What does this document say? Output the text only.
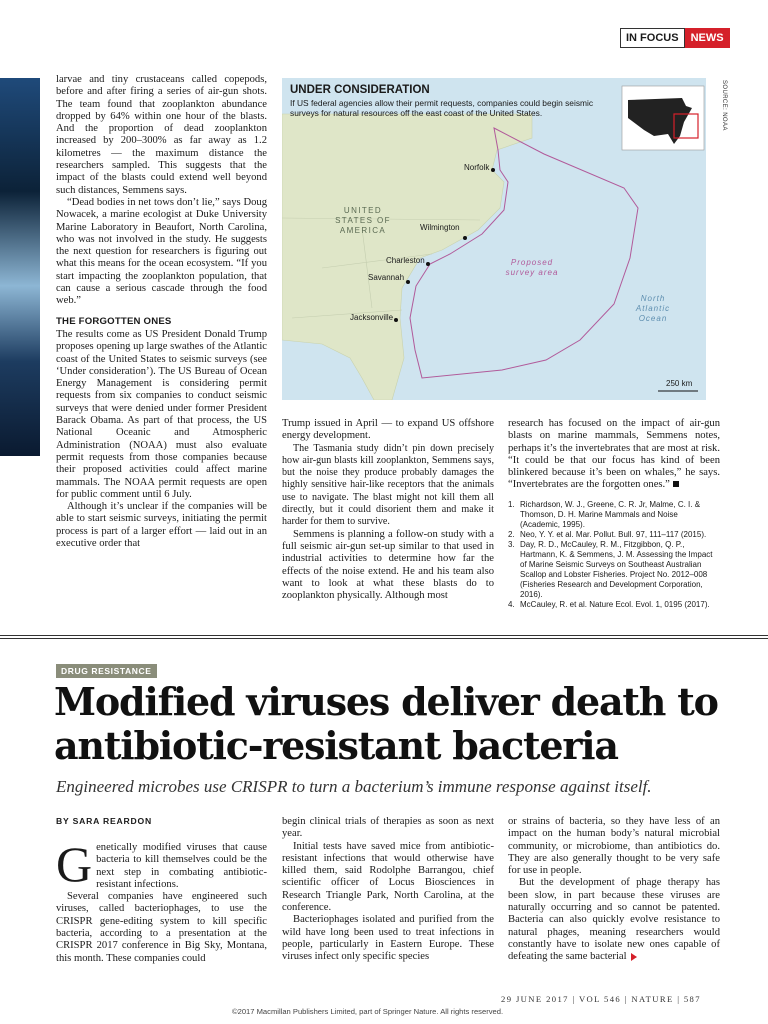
IN FOCUS NEWS

larvae and tiny crustaceans called copepods, before and after firing a series of air-gun shots. The team found that zooplankton abundance dropped by 64% within one hour of the blasts. And the proportion of dead zooplankton increased by 200–300% as far away as 1.2 kilometres — the maximum distance the researchers sampled. This suggests that the impact of the blasts could extend well beyond such distances, Semmens says.

“Dead bodies in net tows don’t lie,” says Doug Nowacek, a marine ecologist at Duke University Marine Laboratory in Beaufort, North Carolina, who was not involved in the study. He suggests the next question for researchers is figuring out what this means for the ocean ecosystem. “If you start impacting the zooplankton population, that can cause a serious cascade through the food web.”

THE FORGOTTEN ONES

The results come as US President Donald Trump proposes opening up large swathes of the Atlantic coast of the United States to seismic surveys (see ‘Under consideration’). The US Bureau of Ocean Energy Management is considering permit requests from six companies to conduct seismic surveys that were denied under former President Barack Obama. As part of that process, the US National Oceanic and Atmospheric Administration (NOAA) must also evaluate permit requests from those companies because their proposed activities could affect marine mammals. The NOAA permit requests are open for public comment until 6 July.

Although it’s unclear if the companies will be able to start seismic surveys, initiating the permit process is part of a larger effort — laid out in an executive order that

UNDER CONSIDERATION
If US federal agencies allow their permit requests, companies could begin seismic surveys for natural resources off the east coast of the United States.
Norfolk
Wilmington
Charleston
Savannah
Jacksonville
UNITED STATES OF AMERICA
Proposed survey area
North Atlantic Ocean
250 km
SOURCE: NOAA

Trump issued in April — to expand US offshore energy development.

The Tasmania study didn’t pin down precisely how air-gun blasts kill zooplankton, Semmens says, but the noise they produce probably damages the highly sensitive hair-like receptors that the animals use to navigate. The blast might not kill them all directly, but it could disorient them and make it harder for them to survive.

Semmens is planning a follow-on study with a full seismic air-gun set-up similar to that used in industrial activities to determine how far the effects of the noise extend. He and his team also want to look at what these blasts do to zooplankton physically. Although most

research has focused on the impact of air-gun blasts on marine mammals, Semmens notes, perhaps it’s the invertebrates that are most at risk. “It could be that our focus has kind of been blinkered because it’s been on whales,” he says. “Invertebrates are the forgotten ones.”
1. Richardson, W. J., Greene, C. R. Jr, Malme, C. I. & Thomson, D. H. Marine Mammals and Noise (Academic, 1995).
2. Neo, Y. Y. et al. Mar. Pollut. Bull. 97, 111–117 (2015).
3. Day, R. D., McCauley, R. M., Fitzgibbon, Q. P., Hartmann, K. & Semmens, J. M. Assessing the Impact of Marine Seismic Surveys on Southeast Australian Scallop and Lobster Fisheries. Project No. 2012–008 (Fisheries Research and Development Corporation, 2016).
4. McCauley, R. et al. Nature Ecol. Evol. 1, 0195 (2017).
DRUG RESISTANCE
Modified viruses deliver death to
antibiotic-resistant bacteria
Engineered microbes use CRISPR to turn a bacterium’s immune response against itself.
BY SARA REARDON

Genetically modified viruses that cause bacteria to kill themselves could be the next step in combating antibiotic-resistant infections.

Several companies have engineered such viruses, called bacteriophages, to use the CRISPR gene-editing system to kill specific bacteria, according to a presentation at the CRISPR 2017 conference in Big Sky, Montana, this month. These companies could

begin clinical trials of therapies as soon as next year.

Initial tests have saved mice from antibiotic-resistant infections that would otherwise have killed them, said Rodolphe Barrangou, chief scientific officer of Locus Biosciences in Research Triangle Park, North Carolina, at the conference.

Bacteriophages isolated and purified from the wild have long been used to treat infections in people, particularly in Eastern Europe. These viruses infect only specific species

or strains of bacteria, so they have less of an impact on the human body’s natural microbial community, or microbiome, than antibiotics do. They are also generally thought to be very safe for use in people.

But the development of phage therapy has been slow, in part because these viruses are naturally occurring and so cannot be patented. Bacteria can also quickly evolve resistance to natural phages, meaning researchers would constantly have to isolate new ones capable of defeating the same bacterial

29 JUNE 2017 | VOL 546 | NATURE | 587
©2017 Macmillan Publishers Limited, part of Springer Nature. All rights reserved.
